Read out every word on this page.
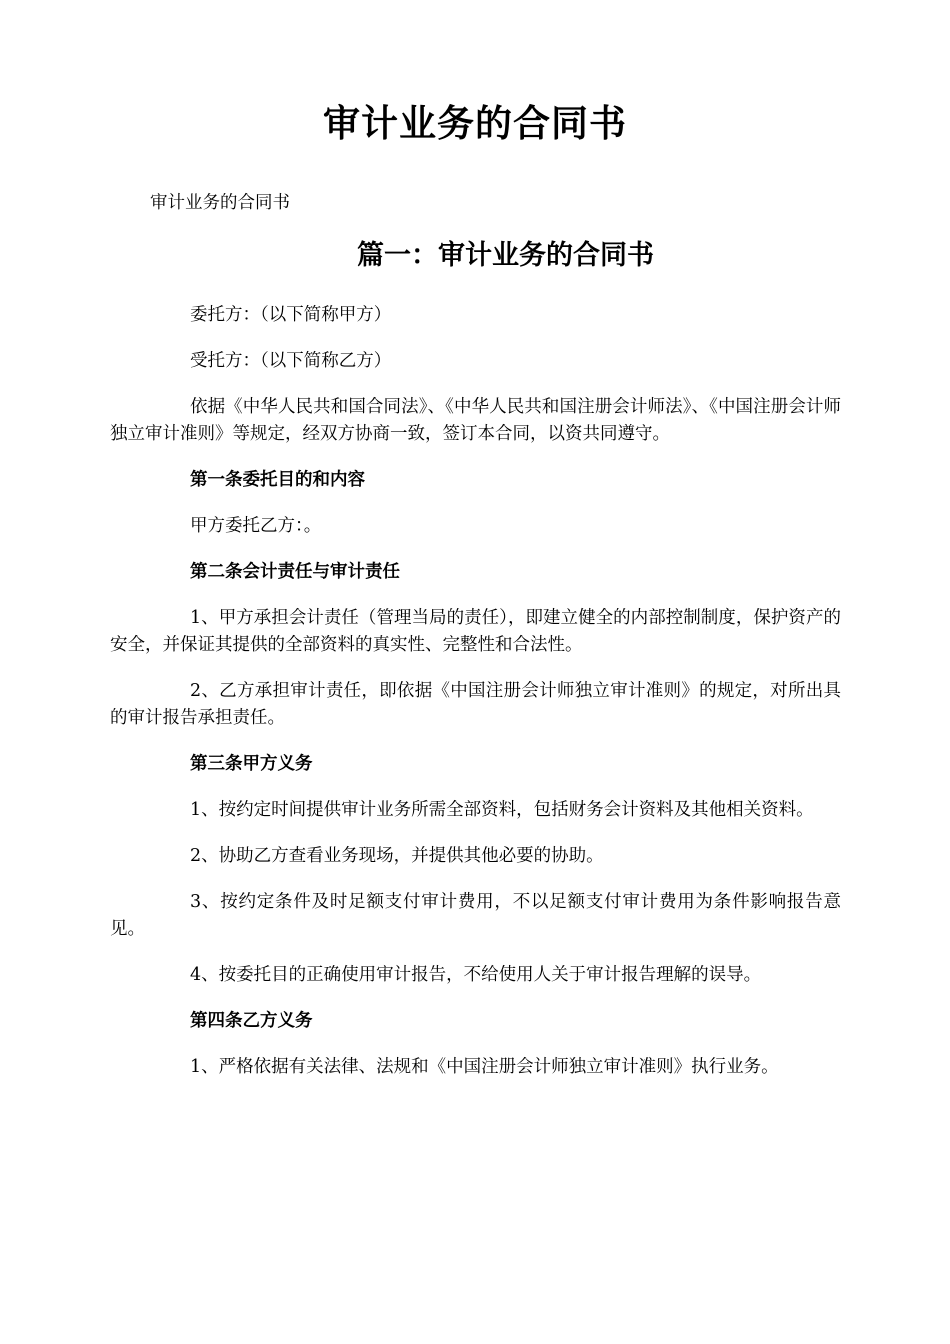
审计业务的合同书
审计业务的合同书
篇一：审计业务的合同书

委托方：（以下简称甲方）

受托方：（以下简称乙方）

依据《中华人民共和国合同法》、《中华人民共和国注册会计师法》、《中国注册会计师独立审计准则》等规定，经双方协商一致，签订本合同，以资共同遵守。

第一条委托目的和内容

甲方委托乙方：。

第二条会计责任与审计责任

1、甲方承担会计责任（管理当局的责任），即建立健全的内部控制制度，保护资产的安全，并保证其提供的全部资料的真实性、完整性和合法性。

2、乙方承担审计责任，即依据《中国注册会计师独立审计准则》的规定，对所出具的审计报告承担责任。

第三条甲方义务

1、按约定时间提供审计业务所需全部资料，包括财务会计资料及其他相关资料。

2、协助乙方查看业务现场，并提供其他必要的协助。

3、按约定条件及时足额支付审计费用，不以足额支付审计费用为条件影响报告意见。

4、按委托目的正确使用审计报告，不给使用人关于审计报告理解的误导。

第四条乙方义务

1、严格依据有关法律、法规和《中国注册会计师独立审计准则》执行业务。
